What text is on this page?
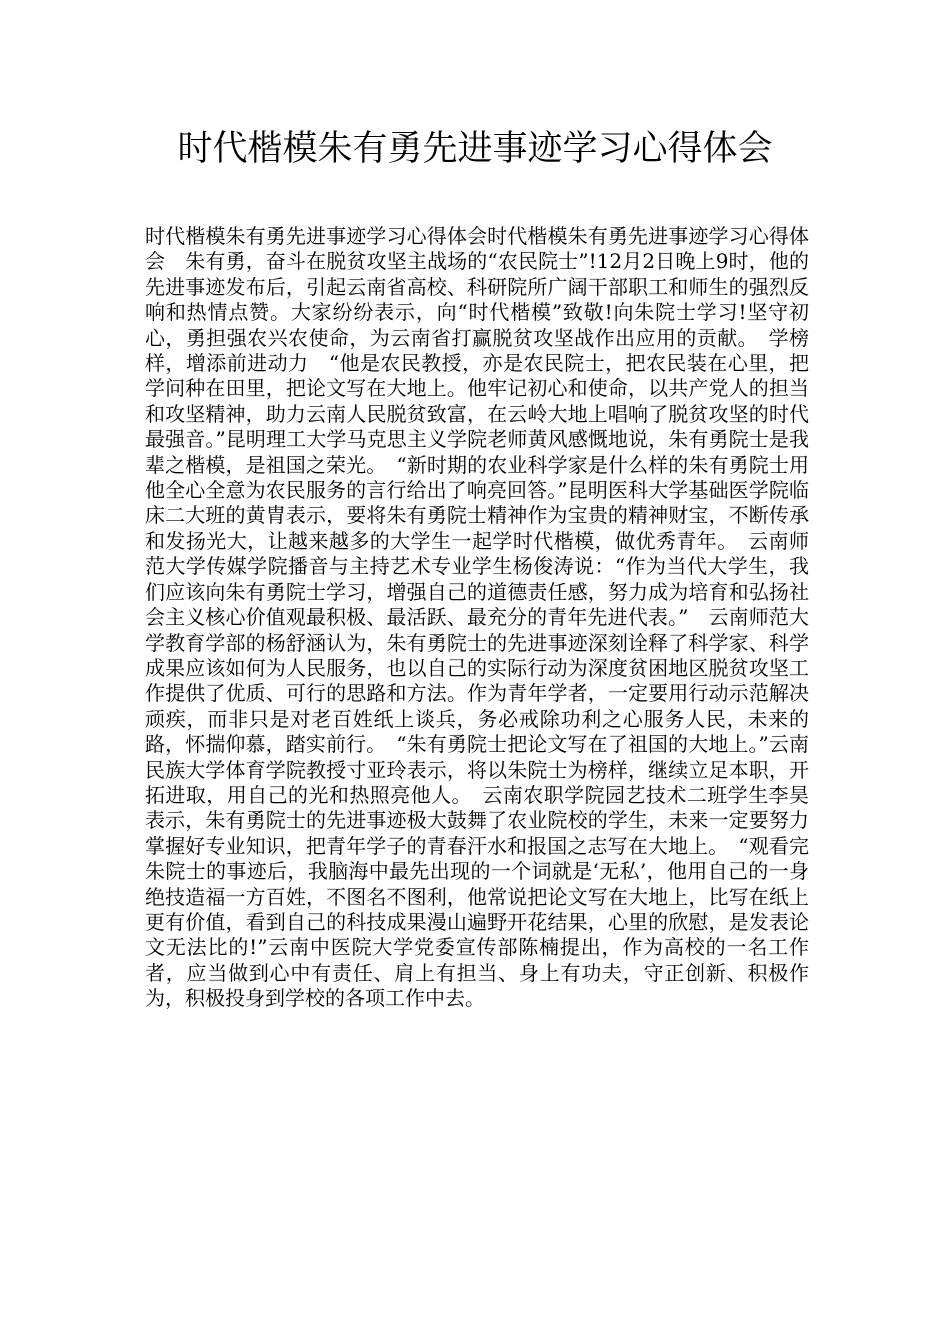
时代楷模朱有勇先进事迹学习心得体会

时代楷模朱有勇先进事迹学习心得体会时代楷模朱有勇先进事迹学习心得体会　朱有勇，奋斗在脱贫攻坚主战场的“农民院士”!12月2日晚上9时，他的先进事迹发布后，引起云南省高校、科研院所广阔干部职工和师生的强烈反响和热情点赞。大家纷纷表示，向“时代楷模”致敬!向朱院士学习!坚守初心，勇担强农兴农使命，为云南省打赢脱贫攻坚战作出应用的贡献。　学榜样，增添前进动力　“他是农民教授，亦是农民院士，把农民装在心里，把学问种在田里，把论文写在大地上。他牢记初心和使命，以共产党人的担当和攻坚精神，助力云南人民脱贫致富，在云岭大地上唱响了脱贫攻坚的时代最强音。”昆明理工大学马克思主义学院老师黄风感慨地说，朱有勇院士是我辈之楷模，是祖国之荣光。　“新时期的农业科学家是什么样的朱有勇院士用他全心全意为农民服务的言行给出了响亮回答。”昆明医科大学基础医学院临床二大班的黄胄表示，要将朱有勇院士精神作为宝贵的精神财宝，不断传承和发扬光大，让越来越多的大学生一起学时代楷模，做优秀青年。　云南师范大学传媒学院播音与主持艺术专业学生杨俊涛说：“作为当代大学生，我们应该向朱有勇院士学习，增强自己的道德责任感，努力成为培育和弘扬社会主义核心价值观最积极、最活跃、最充分的青年先进代表。”　云南师范大学教育学部的杨舒涵认为，朱有勇院士的先进事迹深刻诠释了科学家、科学成果应该如何为人民服务，也以自己的实际行动为深度贫困地区脱贫攻坚工作提供了优质、可行的思路和方法。作为青年学者，一定要用行动示范解决顽疾，而非只是对老百姓纸上谈兵，务必戒除功利之心服务人民，未来的路，怀揣仰慕，踏实前行。　“朱有勇院士把论文写在了祖国的大地上。”云南民族大学体育学院教授寸亚玲表示，将以朱院士为榜样，继续立足本职，开拓进取，用自己的光和热照亮他人。　云南农职学院园艺技术二班学生李昊表示，朱有勇院士的先进事迹极大鼓舞了农业院校的学生，未来一定要努力掌握好专业知识，把青年学子的青春汗水和报国之志写在大地上。　“观看完朱院士的事迹后，我脑海中最先出现的一个词就是‘无私’，他用自己的一身绝技造福一方百姓，不图名不图利，他常说把论文写在大地上，比写在纸上更有价值，看到自己的科技成果漫山遍野开花结果，心里的欣慰，是发表论文无法比的!”云南中医院大学党委宣传部陈楠提出，作为高校的一名工作者，应当做到心中有责任、肩上有担当、身上有功夫，守正创新、积极作为，积极投身到学校的各项工作中去。
